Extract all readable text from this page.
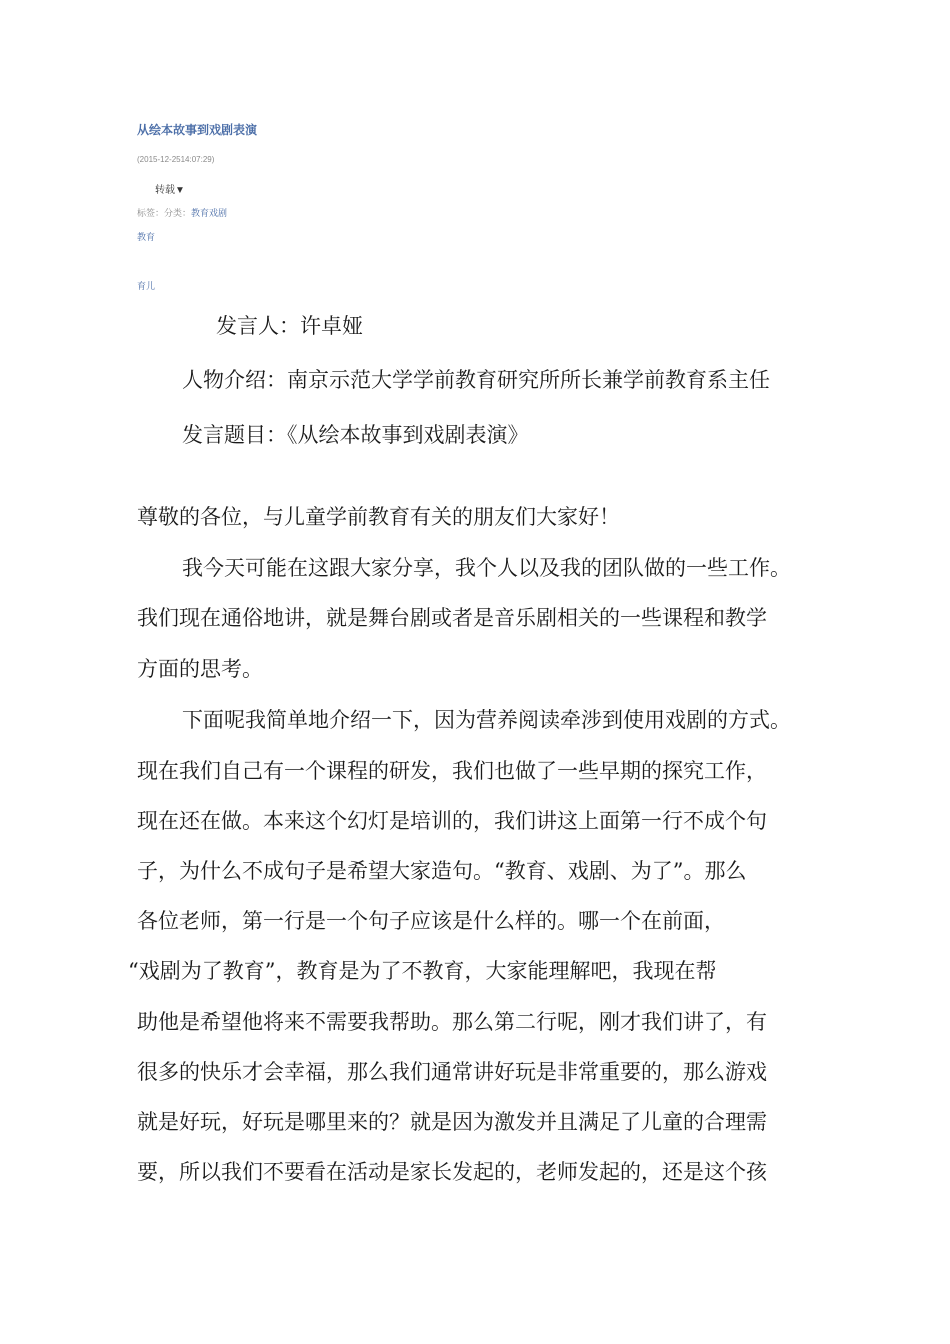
从绘本故事到戏剧表演
(2015-12-2514:07:29)
转载▼
标签：分类：教育戏剧
教育
育儿
发言人：许卓娅
人物介绍：南京示范大学学前教育研究所所长兼学前教育系主任
发言题目：《从绘本故事到戏剧表演》
尊敬的各位，与儿童学前教育有关的朋友们大家好！
我今天可能在这跟大家分享，我个人以及我的团队做的一些工作。
我们现在通俗地讲，就是舞台剧或者是音乐剧相关的一些课程和教学
方面的思考。
下面呢我简单地介绍一下，因为营养阅读牵涉到使用戏剧的方式。
现在我们自己有一个课程的研发，我们也做了一些早期的探究工作，
现在还在做。本来这个幻灯是培训的，我们讲这上面第一行不成个句
子，为什么不成句子是希望大家造句。“教育、戏剧、为了”。那么
各位老师，第一行是一个句子应该是什么样的。哪一个在前面，
“戏剧为了教育”，教育是为了不教育，大家能理解吧，我现在帮
助他是希望他将来不需要我帮助。那么第二行呢，刚才我们讲了，有
很多的快乐才会幸福，那么我们通常讲好玩是非常重要的，那么游戏
就是好玩，好玩是哪里来的？就是因为激发并且满足了儿童的合理需
要，所以我们不要看在活动是家长发起的，老师发起的，还是这个孩
